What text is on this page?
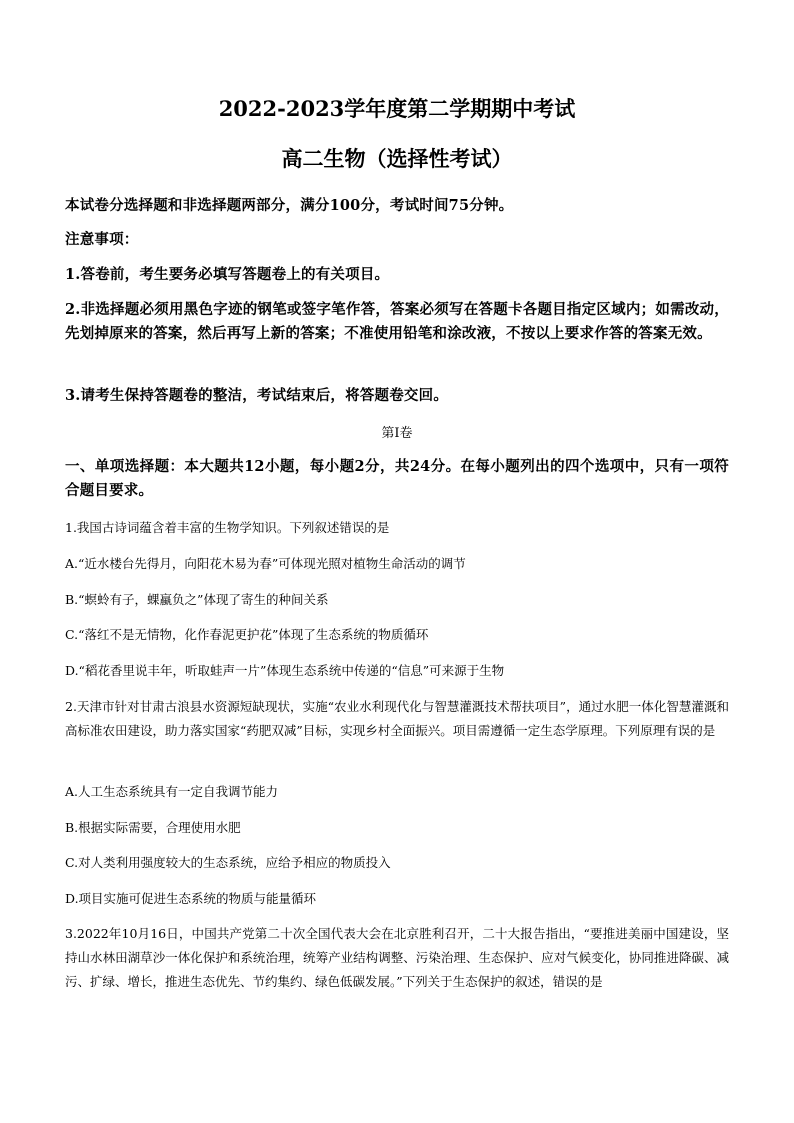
2022-2023学年度第二学期期中考试
高二生物（选择性考试）
本试卷分选择题和非选择题两部分，满分100分，考试时间75分钟。
注意事项：
1.答卷前，考生要务必填写答题卷上的有关项目。
2.非选择题必须用黑色字迹的钢笔或签字笔作答，答案必须写在答题卡各题目指定区域内；如需改动，先划掉原来的答案，然后再写上新的答案；不准使用铅笔和涂改液，不按以上要求作答的答案无效。
3.请考生保持答题卷的整洁，考试结束后，将答题卷交回。
第Ⅰ卷
一、单项选择题：本大题共12小题，每小题2分，共24分。在每小题列出的四个选项中，只有一项符合题目要求。
1.我国古诗词蕴含着丰富的生物学知识。下列叙述错误的是
A.“近水楼台先得月，向阳花木易为春”可体现光照对植物生命活动的调节
B.“螟蛉有子，蜾蠃负之”体现了寄生的种间关系
C.“落红不是无情物，化作春泥更护花”体现了生态系统的物质循环
D.“稻花香里说丰年，听取蛙声一片”体现生态系统中传递的“信息”可来源于生物
2.天津市针对甘肃古浪县水资源短缺现状，实施“农业水利现代化与智慧灌溉技术帮扶项目”，通过水肥一体化智慧灌溉和高标准农田建设，助力落实国家“药肥双减”目标，实现乡村全面振兴。项目需遵循一定生态学原理。下列原理有误的是
A.人工生态系统具有一定自我调节能力
B.根据实际需要，合理使用水肥
C.对人类利用强度较大的生态系统，应给予相应的物质投入
D.项目实施可促进生态系统的物质与能量循环
3.2022年10月16日，中国共产党第二十次全国代表大会在北京胜利召开，二十大报告指出，“要推进美丽中国建设，坚持山水林田湖草沙一体化保护和系统治理，统筹产业结构调整、污染治理、生态保护、应对气候变化，协同推进降碳、减污、扩绿、增长，推进生态优先、节约集约、绿色低碳发展。”下列关于生态保护的叙述，错误的是
